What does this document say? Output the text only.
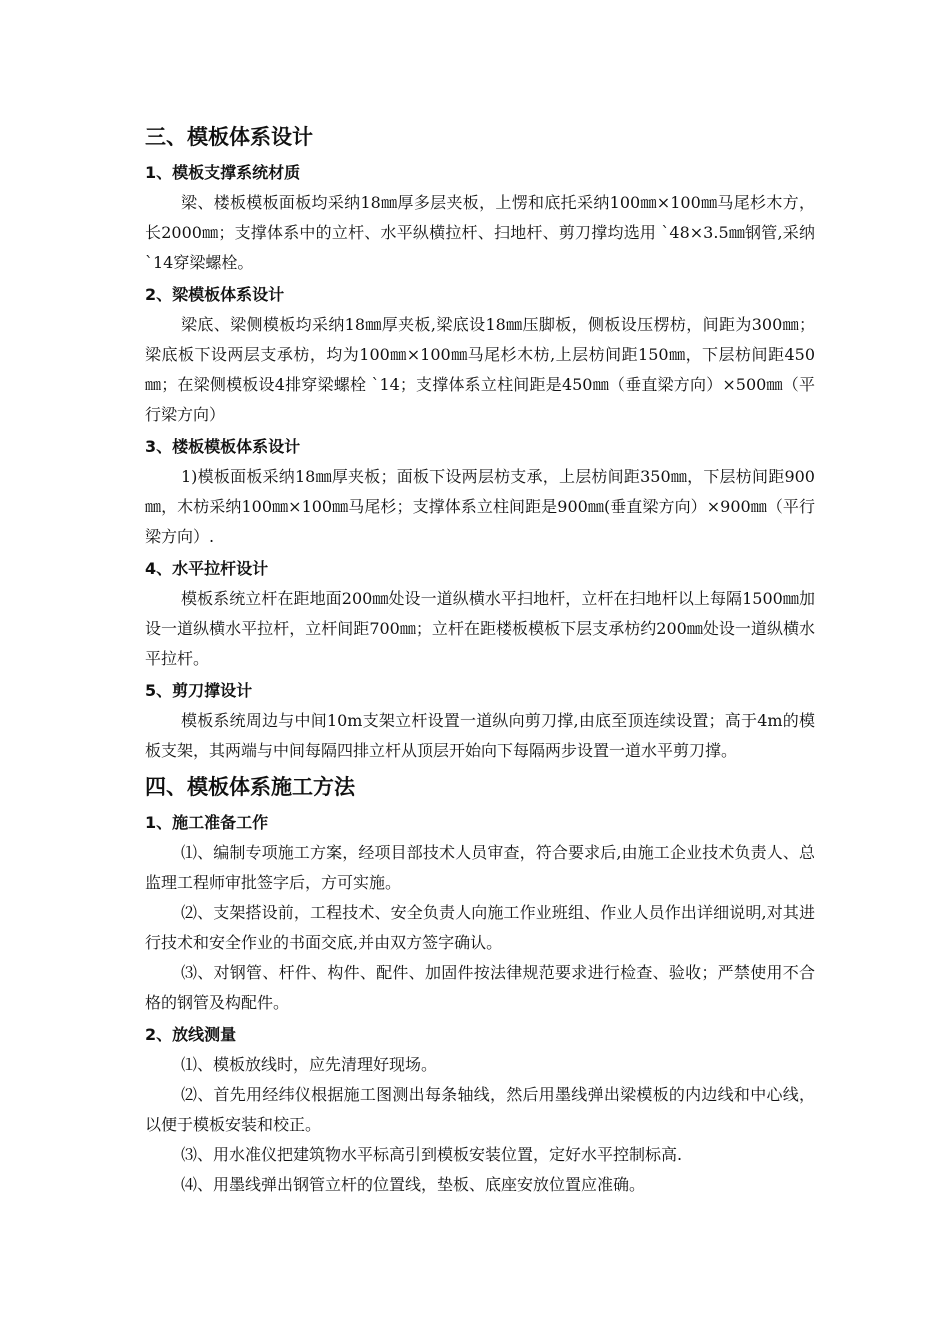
三、模板体系设计
1、模板支撑系统材质

梁、楼板模板面板均采纳18㎜厚多层夹板，上愣和底托采纳100㎜×100㎜马尾杉木方，长2000㎜；支撑体系中的立杆、水平纵横拉杆、扫地杆、剪刀撑均选用 `48×3.5㎜钢管,采纳 `14穿梁螺栓。

2、梁模板体系设计

梁底、梁侧模板均采纳18㎜厚夹板,梁底设18㎜压脚板，侧板设压楞枋，间距为300㎜；梁底板下设两层支承枋，均为100㎜×100㎜马尾杉木枋,上层枋间距150㎜，下层枋间距450㎜；在梁侧模板设4排穿梁螺栓 `14；支撑体系立柱间距是450㎜（垂直梁方向）×500㎜（平行梁方向）

3、楼板模板体系设计

1)模板面板采纳18㎜厚夹板；面板下设两层枋支承，上层枋间距350㎜，下层枋间距900㎜，木枋采纳100㎜×100㎜马尾杉；支撑体系立柱间距是900㎜(垂直梁方向）×900㎜（平行梁方向）.

4、水平拉杆设计

模板系统立杆在距地面200㎜处设一道纵横水平扫地杆，立杆在扫地杆以上每隔1500㎜加设一道纵横水平拉杆，立杆间距700㎜；立杆在距楼板模板下层支承枋约200㎜处设一道纵横水平拉杆。

5、剪刀撑设计

模板系统周边与中间10m支架立杆设置一道纵向剪刀撑,由底至顶连续设置；高于4m的模板支架，其两端与中间每隔四排立杆从顶层开始向下每隔两步设置一道水平剪刀撑。

四、模板体系施工方法
1、施工准备工作

⑴、编制专项施工方案，经项目部技术人员审查，符合要求后,由施工企业技术负责人、总监理工程师审批签字后，方可实施。

⑵、支架搭设前，工程技术、安全负责人向施工作业班组、作业人员作出详细说明,对其进行技术和安全作业的书面交底,并由双方签字确认。

⑶、对钢管、杆件、构件、配件、加固件按法律规范要求进行检查、验收；严禁使用不合格的钢管及构配件。

2、放线测量

⑴、模板放线时，应先清理好现场。

⑵、首先用经纬仪根据施工图测出每条轴线，然后用墨线弹出梁模板的内边线和中心线，以便于模板安装和校正。

⑶、用水准仪把建筑物水平标高引到模板安装位置，定好水平控制标高.

⑷、用墨线弹出钢管立杆的位置线，垫板、底座安放位置应准确。
